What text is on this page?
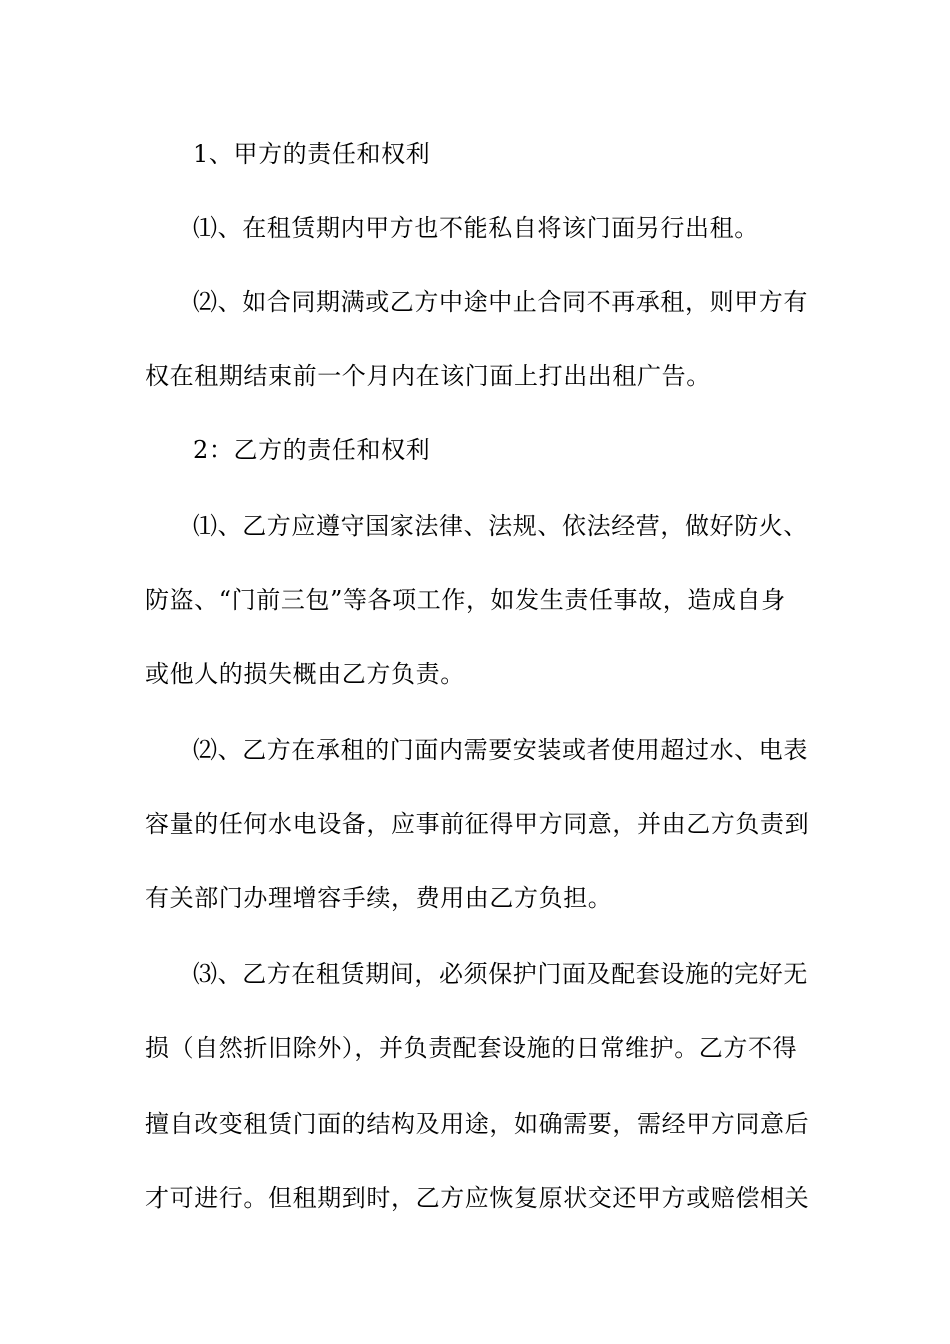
1、甲方的责任和权利
⑴、在租赁期内甲方也不能私自将该门面另行出租。
⑵、如合同期满或乙方中途中止合同不再承租，则甲方有
权在租期结束前一个月内在该门面上打出出租广告。
2：乙方的责任和权利
⑴、乙方应遵守国家法律、法规、依法经营，做好防火、
防盗、“门前三包”等各项工作，如发生责任事故，造成自身
或他人的损失概由乙方负责。
⑵、乙方在承租的门面内需要安装或者使用超过水、电表
容量的任何水电设备，应事前征得甲方同意，并由乙方负责到
有关部门办理增容手续，费用由乙方负担。
⑶、乙方在租赁期间，必须保护门面及配套设施的完好无
损（自然折旧除外），并负责配套设施的日常维护。乙方不得
擅自改变租赁门面的结构及用途，如确需要，需经甲方同意后
才可进行。但租期到时，乙方应恢复原状交还甲方或赔偿相关
